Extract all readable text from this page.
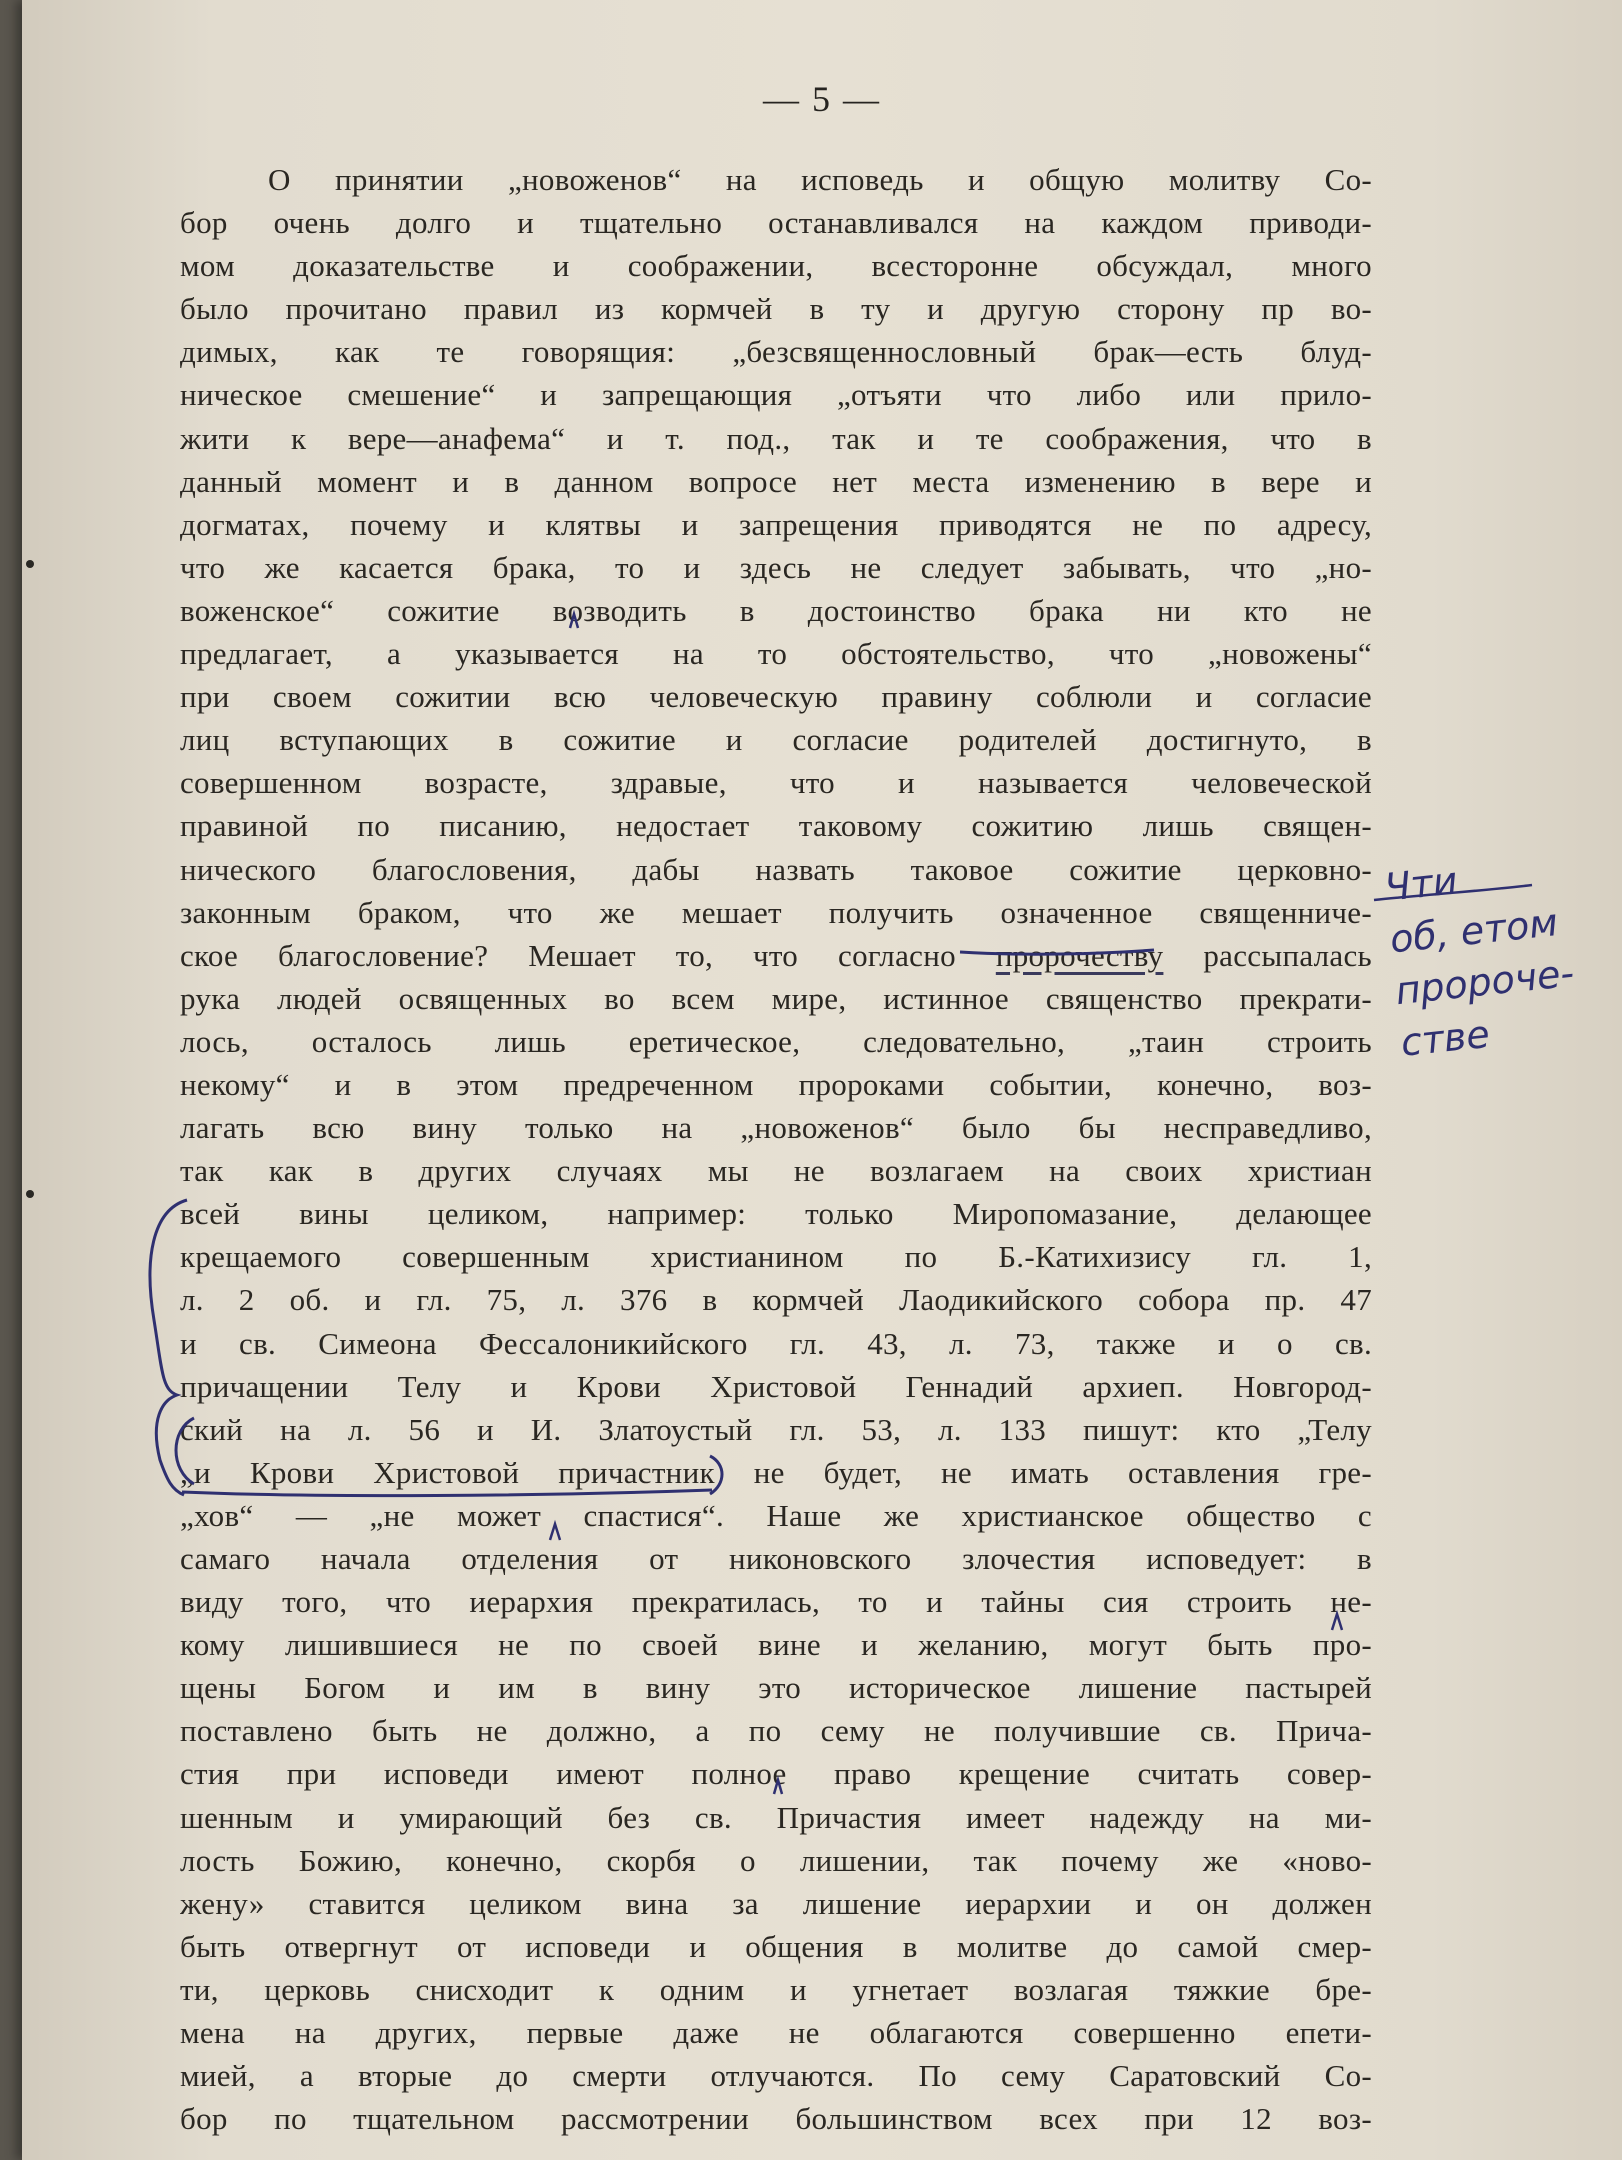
— 5 —
О принятии „новоженов“ на исповедь и общую молитву Со-
бор очень долго и тщательно останавливался на каждом приводи-
мом доказательстве и соображении, всесторонне обсуждал, много
было прочитано правил из кормчей в ту и другую сторону пр во-
димых, как те говорящия: „безсвященнословный брак—есть блуд-
ническое смешение“ и запрещающия „отъяти что либо или прило-
жити к вере—анафема“ и т. под., так и те соображения, что в
данный момент и в данном вопросе нет места изменению в вере и
догматах, почему и клятвы и запрещения приводятся не по адресу,
что же касается брака, то и здесь не следует забывать, что „но-
воженское“ сожитие возводить в достоинство брака ни кто не
предлагает, а указывается на то обстоятельство, что „новожены“
при своем сожитии всю человеческую правину соблюли и согласие
лиц вступающих в сожитие и согласие родителей достигнуто, в
совершенном возрасте, здравые, что и называется человеческой
правиной по писанию, недостает таковому сожитию лишь священ-
нического благословения, дабы назвать таковое сожитие церковно-
законным браком, что же мешает получить означенное священниче-
ское благословение? Мешает то, что согласно пророчеству рассыпалась
рука людей освященных во всем мире, истинное священство прекрати-
лось, осталось лишь еретическое, следовательно, „таин строить
некому“ и в этом предреченном пророками событии, конечно, воз-
лагать всю вину только на „новоженов“ было бы несправедливо,
так как в других случаях мы не возлагаем на своих христиан
всей вины целиком, например: только Миропомазание, делающее
крещаемого совершенным христианином по Б.-Катихизису гл. 1,
л. 2 об. и гл. 75, л. 376 в кормчей Лаодикийского собора пр. 47
и св. Симеона Фессалоникийского гл. 43, л. 73, также и о св.
причащении Телу и Крови Христовой Геннадий архиеп. Новгород-
ский на л. 56 и И. Златоустый гл. 53, л. 133 пишут: кто „Телу
„и Крови Христовой причастник не будет, не имать оставления гре-
„хов“ — „не может спастися“. Наше же христианское общество с
самаго начала отделения от никоновского злочестия исповедует: в
виду того, что иерархия прекратилась, то и тайны сия строить не-
кому лишившиеся не по своей вине и желанию, могут быть про-
щены Богом и им в вину это историческое лишение пастырей
поставлено быть не должно, а по сему не получившие св. Прича-
стия при исповеди имеют полное право крещение считать совер-
шенным и умирающий без св. Причастия имеет надежду на ми-
лость Божию, конечно, скорбя о лишении, так почему же «ново-
жену» ставится целиком вина за лишение иерархии и он должен
быть отвергнут от исповеди и общения в молитве до самой смер-
ти, церковь снисходит к одним и угнетает возлагая тяжкие бре-
мена на других, первые даже не облагаются совершенно епети-
мией, а вторые до смерти отлучаются. По сему Саратовский Со-
бор по тщательном рассмотрении большинством всех при 12 воз-
Чти
об, етом
пророче-
стве
